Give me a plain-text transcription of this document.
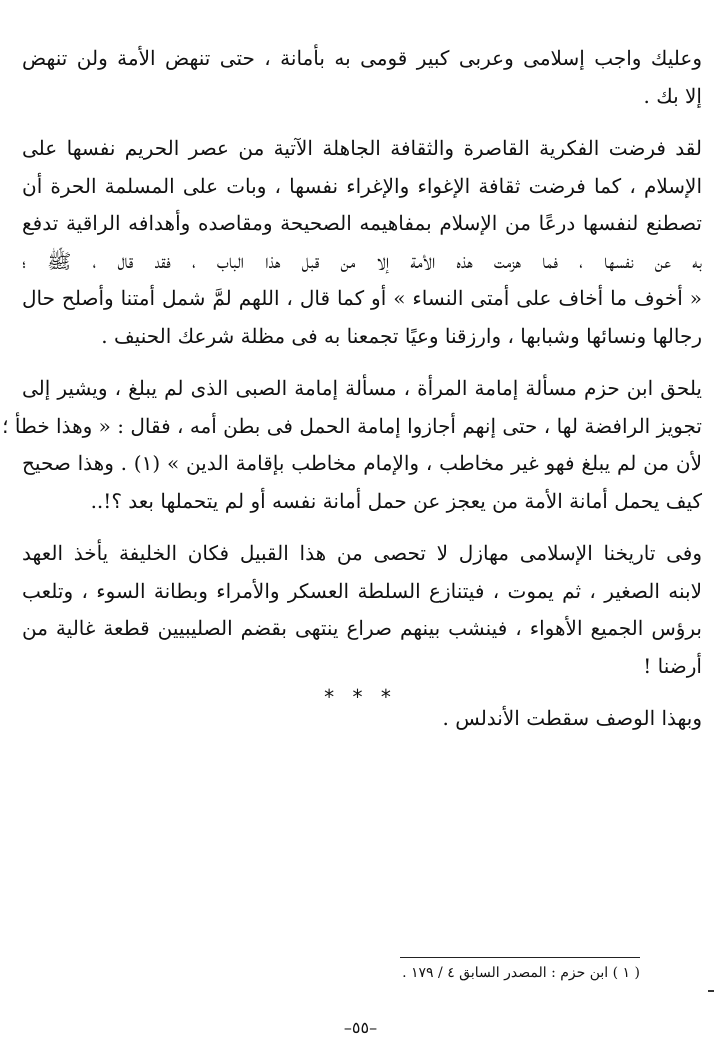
وعليك واجب إسلامى وعربى كبير قومى به بأمانة ، حتى تنهض الأمة ولن تنهض
إلا بك .
لقد فرضت الفكرية القاصرة والثقافة الجاهلة الآتية من عصر الحريم نفسها على
الإسلام ، كما فرضت ثقافة الإغواء والإغراء نفسها ، وبات على المسلمة الحرة أن
تصطنع لنفسها درعًا من الإسلام بمفاهيمه الصحيحة ومقاصده وأهدافه الراقية تدفع
به عن نفسها ، فما هزمت هذه الأمة إلا من قبل هذا الباب ، فقد قال ، ﷺ ؛
« أخوف ما أخاف على أمتى النساء » أو كما قال ، اللهم لمَّ شمل أمتنا وأصلح حال
رجالها ونسائها وشبابها ، وارزقنا وعيًا تجمعنا به فى مظلة شرعك الحنيف .
يلحق ابن حزم مسألة إمامة المرأة ، مسألة إمامة الصبى الذى لم يبلغ ، ويشير إلى
تجويز الرافضة لها ، حتى إنهم أجازوا إمامة الحمل فى بطن أمه ، فقال : « وهذا خطأ ؛
لأن من لم يبلغ فهو غير مخاطب ، والإمام مخاطب بإقامة الدين » (١) . وهذا صحيح
كيف يحمل أمانة الأمة من يعجز عن حمل أمانة نفسه أو لم يتحملها بعد ؟!..
وفى تاريخنا الإسلامى مهازل لا تحصى من هذا القبيل فكان الخليفة يأخذ العهد
لابنه الصغير ، ثم يموت ، فيتنازع السلطة العسكر والأمراء وبطانة السوء ، وتلعب
برؤس الجميع الأهواء ، فينشب بينهم صراع ينتهى بقضم الصليبيين قطعة غالية من
أرضنا !
وبهذا الوصف سقطت الأندلس .
* * *
( ١ ) ابن حزم : المصدر السابق ٤ / ١٧٩ .
–٥٥–
